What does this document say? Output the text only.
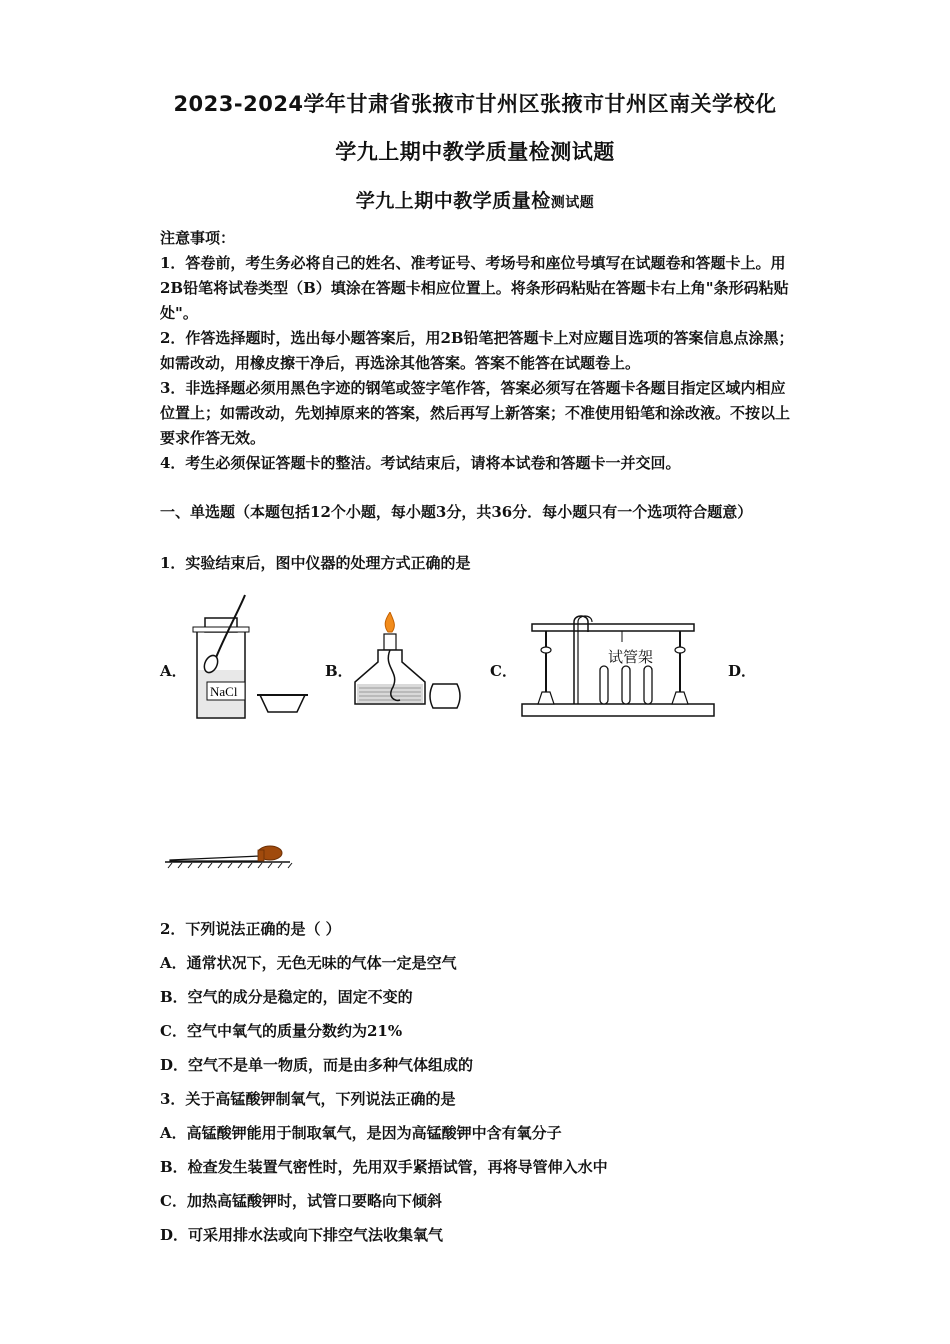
2023-2024学年甘肃省张掖市甘州区张掖市甘州区南关学校化
学九上期中教学质量检测试题
学九上期中教学质量检测试题
注意事项：
1．答卷前，考生务必将自己的姓名、准考证号、考场号和座位号填写在试题卷和答题卡上。用2B铅笔将试卷类型（B）填涂在答题卡相应位置上。将条形码粘贴在答题卡右上角"条形码粘贴处"。
2．作答选择题时，选出每小题答案后，用2B铅笔把答题卡上对应题目选项的答案信息点涂黑；如需改动，用橡皮擦干净后，再选涂其他答案。答案不能答在试题卷上。
3．非选择题必须用黑色字迹的钢笔或签字笔作答，答案必须写在答题卡各题目指定区域内相应位置上；如需改动，先划掉原来的答案，然后再写上新答案；不准使用铅笔和涂改液。不按以上要求作答无效。
4．考生必须保证答题卡的整洁。考试结束后，请将本试卷和答题卡一并交回。
一、单选题（本题包括12个小题，每小题3分，共36分．每小题只有一个选项符合题意）
1．实验结束后，图中仪器的处理方式正确的是
A．	B．	C．	D．
NaCl
试管架
2．下列说法正确的是（ ）
A．通常状况下，无色无味的气体一定是空气
B．空气的成分是稳定的，固定不变的
C．空气中氧气的质量分数约为21%
D．空气不是单一物质，而是由多种气体组成的
3．关于高锰酸钾制氧气，下列说法正确的是
A．高锰酸钾能用于制取氧气，是因为高锰酸钾中含有氧分子
B．检查发生装置气密性时，先用双手紧捂试管，再将导管伸入水中
C．加热高锰酸钾时，试管口要略向下倾斜
D．可采用排水法或向下排空气法收集氧气
